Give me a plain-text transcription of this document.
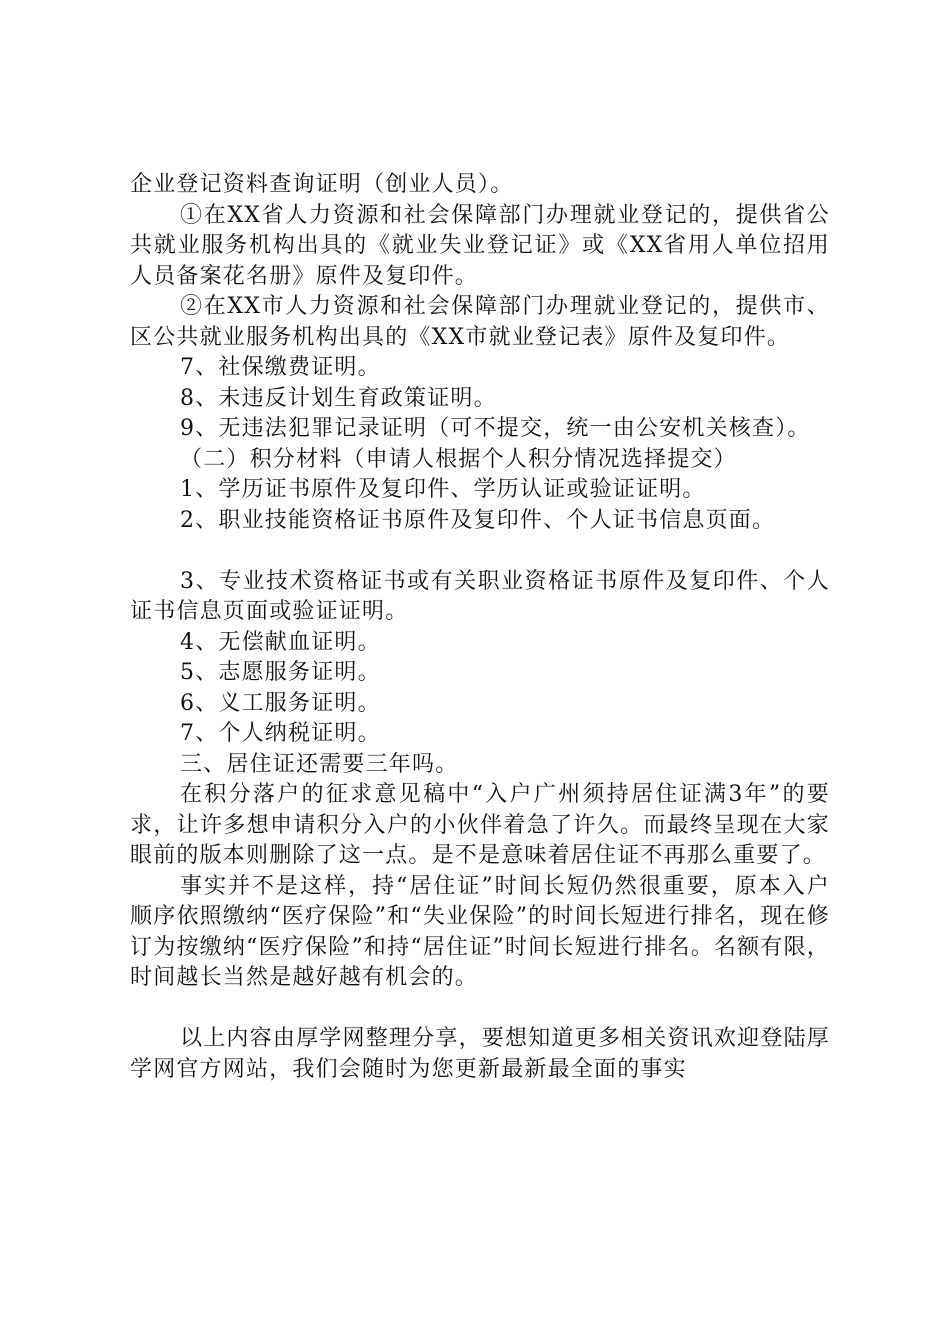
企业登记资料查询证明（创业人员）。

①在XX省人力资源和社会保障部门办理就业登记的，提供省公共就业服务机构出具的《就业失业登记证》或《XX省用人单位招用人员备案花名册》原件及复印件。

②在XX市人力资源和社会保障部门办理就业登记的，提供市、区公共就业服务机构出具的《XX市就业登记表》原件及复印件。

7、社保缴费证明。

8、未违反计划生育政策证明。

9、无违法犯罪记录证明（可不提交，统一由公安机关核查）。

（二）积分材料（申请人根据个人积分情况选择提交）

1、学历证书原件及复印件、学历认证或验证证明。

2、职业技能资格证书原件及复印件、个人证书信息页面。

3、专业技术资格证书或有关职业资格证书原件及复印件、个人证书信息页面或验证证明。

4、无偿献血证明。

5、志愿服务证明。

6、义工服务证明。

7、个人纳税证明。

三、居住证还需要三年吗。

在积分落户的征求意见稿中“入户广州须持居住证满3年”的要求，让许多想申请积分入户的小伙伴着急了许久。而最终呈现在大家眼前的版本则删除了这一点。是不是意味着居住证不再那么重要了。

事实并不是这样，持“居住证”时间长短仍然很重要，原本入户顺序依照缴纳“医疗保险”和“失业保险”的时间长短进行排名，现在修订为按缴纳“医疗保险”和持“居住证”时间长短进行排名。名额有限，时间越长当然是越好越有机会的。

以上内容由厚学网整理分享，要想知道更多相关资讯欢迎登陆厚学网官方网站，我们会随时为您更新最新最全面的事实
